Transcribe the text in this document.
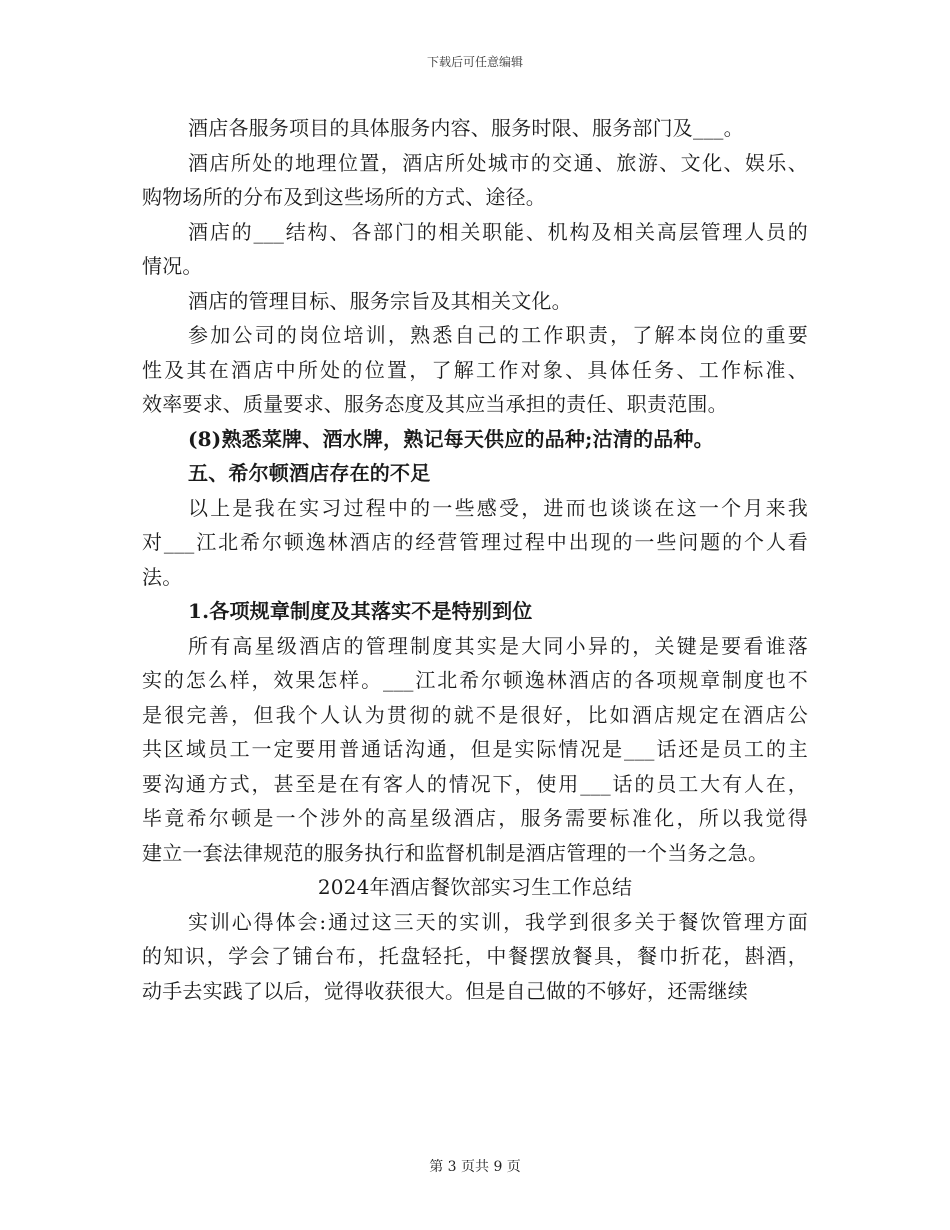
下载后可任意编辑
酒店各服务项目的具体服务内容、服务时限、服务部门及___。
酒店所处的地理位置，酒店所处城市的交通、旅游、文化、娱乐、
购物场所的分布及到这些场所的方式、途径。
酒店的___结构、各部门的相关职能、机构及相关高层管理人员的
情况。
酒店的管理目标、服务宗旨及其相关文化。
参加公司的岗位培训，熟悉自己的工作职责，了解本岗位的重要
性及其在酒店中所处的位置，了解工作对象、具体任务、工作标准、
效率要求、质量要求、服务态度及其应当承担的责任、职责范围。
(8)熟悉菜牌、酒水牌，熟记每天供应的品种;沽清的品种。
五、希尔顿酒店存在的不足
以上是我在实习过程中的一些感受，进而也谈谈在这一个月来我
对___江北希尔顿逸林酒店的经营管理过程中出现的一些问题的个人看
法。
1.各项规章制度及其落实不是特别到位
所有高星级酒店的管理制度其实是大同小异的，关键是要看谁落
实的怎么样，效果怎样。___江北希尔顿逸林酒店的各项规章制度也不
是很完善，但我个人认为贯彻的就不是很好，比如酒店规定在酒店公
共区域员工一定要用普通话沟通，但是实际情况是___话还是员工的主
要沟通方式，甚至是在有客人的情况下，使用___话的员工大有人在，
毕竟希尔顿是一个涉外的高星级酒店，服务需要标准化，所以我觉得
建立一套法律规范的服务执行和监督机制是酒店管理的一个当务之急。
2024年酒店餐饮部实习生工作总结
实训心得体会:通过这三天的实训，我学到很多关于餐饮管理方面
的知识，学会了铺台布，托盘轻托，中餐摆放餐具，餐巾折花，斟酒，
动手去实践了以后，觉得收获很大。但是自己做的不够好，还需继续
第 3 页共 9 页
